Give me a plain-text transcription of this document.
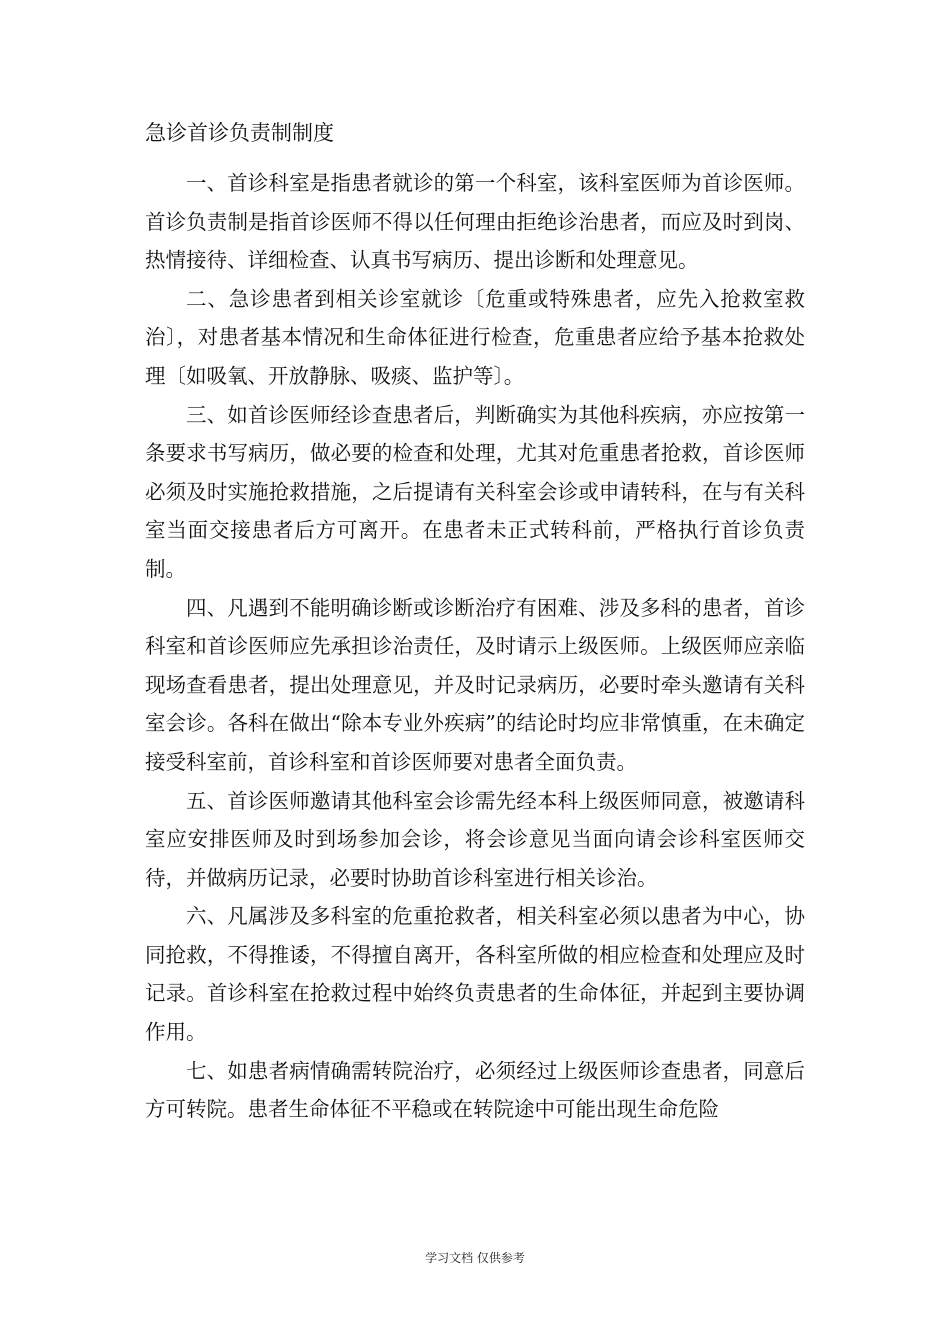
急诊首诊负责制制度

一、首诊科室是指患者就诊的第一个科室，该科室医师为首诊医师。首诊负责制是指首诊医师不得以任何理由拒绝诊治患者，而应及时到岗、热情接待、详细检查、认真书写病历、提出诊断和处理意见。

二、急诊患者到相关诊室就诊〔危重或特殊患者，应先入抢救室救治〕，对患者基本情况和生命体征进行检查，危重患者应给予基本抢救处理〔如吸氧、开放静脉、吸痰、监护等〕。

三、如首诊医师经诊查患者后，判断确实为其他科疾病，亦应按第一条要求书写病历，做必要的检查和处理，尤其对危重患者抢救，首诊医师必须及时实施抢救措施，之后提请有关科室会诊或申请转科，在与有关科室当面交接患者后方可离开。在患者未正式转科前，严格执行首诊负责制。

四、凡遇到不能明确诊断或诊断治疗有困难、涉及多科的患者，首诊科室和首诊医师应先承担诊治责任，及时请示上级医师。上级医师应亲临现场查看患者，提出处理意见，并及时记录病历，必要时牵头邀请有关科室会诊。各科在做出“除本专业外疾病”的结论时均应非常慎重，在未确定接受科室前，首诊科室和首诊医师要对患者全面负责。

五、首诊医师邀请其他科室会诊需先经本科上级医师同意，被邀请科室应安排医师及时到场参加会诊，将会诊意见当面向请会诊科室医师交待，并做病历记录，必要时协助首诊科室进行相关诊治。

六、凡属涉及多科室的危重抢救者，相关科室必须以患者为中心，协同抢救，不得推诿，不得擅自离开，各科室所做的相应检查和处理应及时记录。首诊科室在抢救过程中始终负责患者的生命体征，并起到主要协调作用。

七、如患者病情确需转院治疗，必须经过上级医师诊查患者，同意后方可转院。患者生命体征不平稳或在转院途中可能出现生命危险

学习文档 仅供参考
